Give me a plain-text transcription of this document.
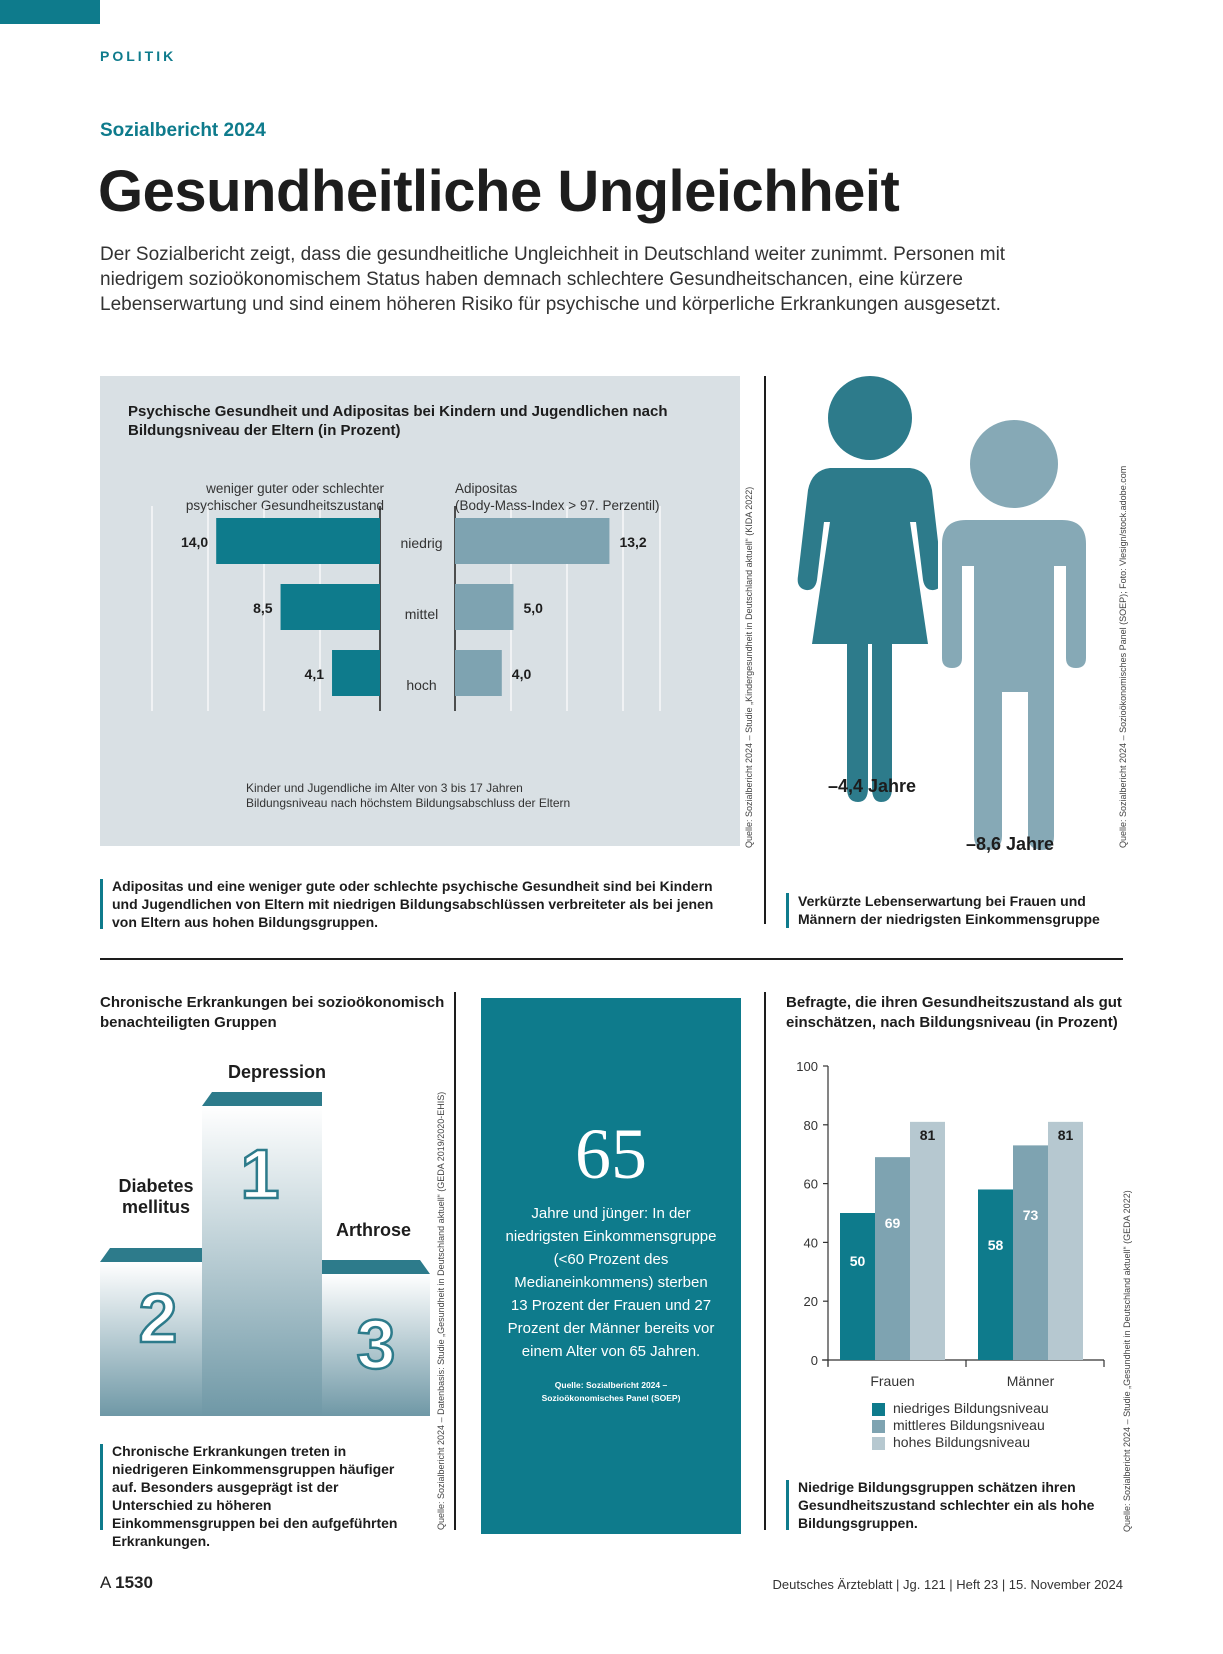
POLITIK
Sozialbericht 2024
Gesundheitliche Ungleichheit
Der Sozialbericht zeigt, dass die gesundheitliche Ungleichheit in Deutschland weiter zunimmt. Personen mit niedrigem sozioökonomischem Status haben demnach schlechtere Gesundheitschancen, eine kürzere Lebenserwartung und sind einem höheren Risiko für psychische und körperliche Erkrankungen ausgesetzt.
Psychische Gesundheit und Adipositas bei Kindern und Jugendlichen nach
Bildungsniveau der Eltern (in Prozent)
weniger guter oder schlechter
psychischer Gesundheitszustand
Adipositas
(Body-Mass-Index > 97. Perzentil)
niedrig
14,0	13,2
mittel
8,5	5,0
hoch
4,1	4,0
Kinder und Jugendliche im Alter von 3 bis 17 Jahren
Bildungsniveau nach höchstem Bildungsabschluss der Eltern	Quelle: Sozialbericht 2024 – Studie „Kindergesundheit in Deutschland aktuell“ (KIDA 2022)
Adipositas und eine weniger gute oder schlechte psychische Gesundheit sind bei Kindern und Jugendlichen von Eltern mit niedrigen Bildungsabschlüssen verbreiteter als bei jenen von Eltern aus hohen Bildungsgruppen.
–4,4 Jahre
–8,6 Jahre	Quelle: Sozialbericht 2024 – Sozioökonomisches Panel (SOEP); Foto: Vlesign/stock.adobe.com
Verkürzte Lebenserwartung bei Frauen und Männern der niedrigsten Einkommensgruppe
Chronische Erkrankungen bei sozioökonomisch
benachteiligten Gruppen
1
2	3
Depression
Diabetes
mellitus
Arthrose
Chronische Erkrankungen treten in niedrigeren Einkommensgruppen häufiger auf. Besonders ausgeprägt ist der Unterschied zu höheren Einkommensgruppen bei den aufgeführten Erkrankungen.
Quelle: Sozialbericht 2024 – Datenbasis: Studie „Gesundheit in Deutschland aktuell“ (GEDA 2019/2020-EHIS)	65
Jahre und jünger: In der niedrigsten Einkommensgruppe (<60 Prozent des Medianeinkommens) sterben 13 Prozent der Frauen und 27 Prozent der Männer bereits vor einem Alter von 65 Jahren.
Quelle: Sozialbericht 2024 –
Sozioökonomisches Panel (SOEP)
Befragte, die ihren Gesundheitszustand als gut
einschätzen, nach Bildungsniveau (in Prozent)
0
20
40
60
80
100
50
69
81
Frauen
58
73
81
Männer
niedriges Bildungsniveau
mittleres Bildungsniveau
hohes Bildungsniveau
Niedrige Bildungsgruppen schätzen ihren Gesundheitszustand schlechter ein als hohe Bildungsgruppen.	Quelle: Sozialbericht 2024 – Studie „Gesundheit in Deutschland aktuell“ (GEDA 2022)
A 1530	Deutsches Ärzteblatt | Jg. 121 | Heft 23 | 15. November 2024
